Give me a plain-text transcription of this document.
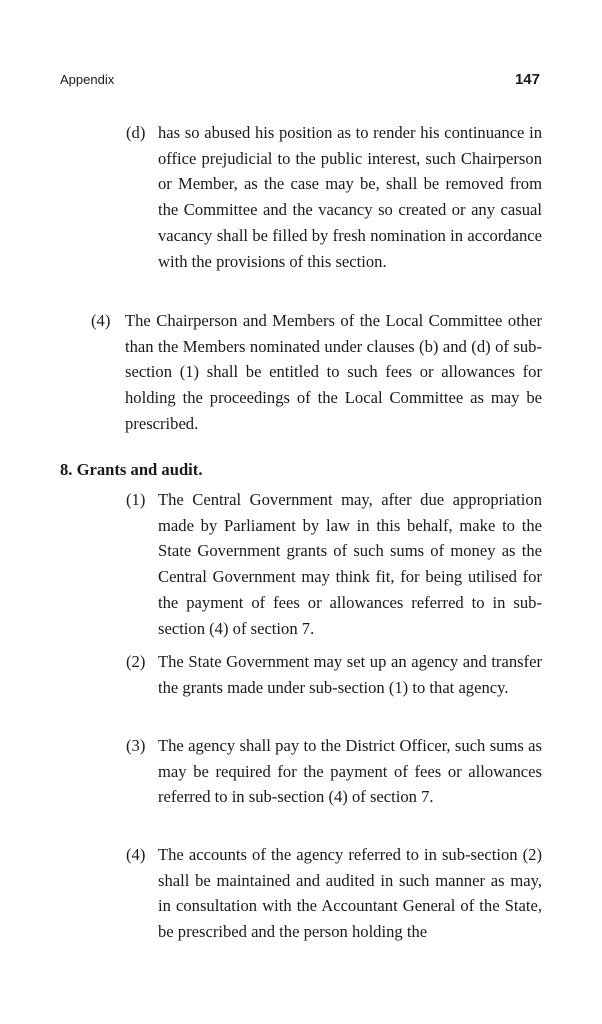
Appendix	147
(d) has so abused his position as to render his continuance in office prejudicial to the public interest, such Chairperson or Member, as the case may be, shall be removed from the Committee and the vacancy so created or any casual vacancy shall be filled by fresh nomination in accordance with the provisions of this section.
(4) The Chairperson and Members of the Local Committee other than the Members nominated under clauses (b) and (d) of sub-section (1) shall be entitled to such fees or allowances for holding the proceedings of the Local Committee as may be prescribed.
8. Grants and audit.
(1) The Central Government may, after due appropriation made by Parliament by law in this behalf, make to the State Government grants of such sums of money as the Central Government may think fit, for being utilised for the payment of fees or allowances referred to in sub-section (4) of section 7.
(2) The State Government may set up an agency and transfer the grants made under sub-section (1) to that agency.
(3) The agency shall pay to the District Officer, such sums as may be required for the payment of fees or allowances referred to in sub-section (4) of section 7.
(4) The accounts of the agency referred to in sub-section (2) shall be maintained and audited in such manner as may, in consultation with the Accountant General of the State, be prescribed and the person holding the
